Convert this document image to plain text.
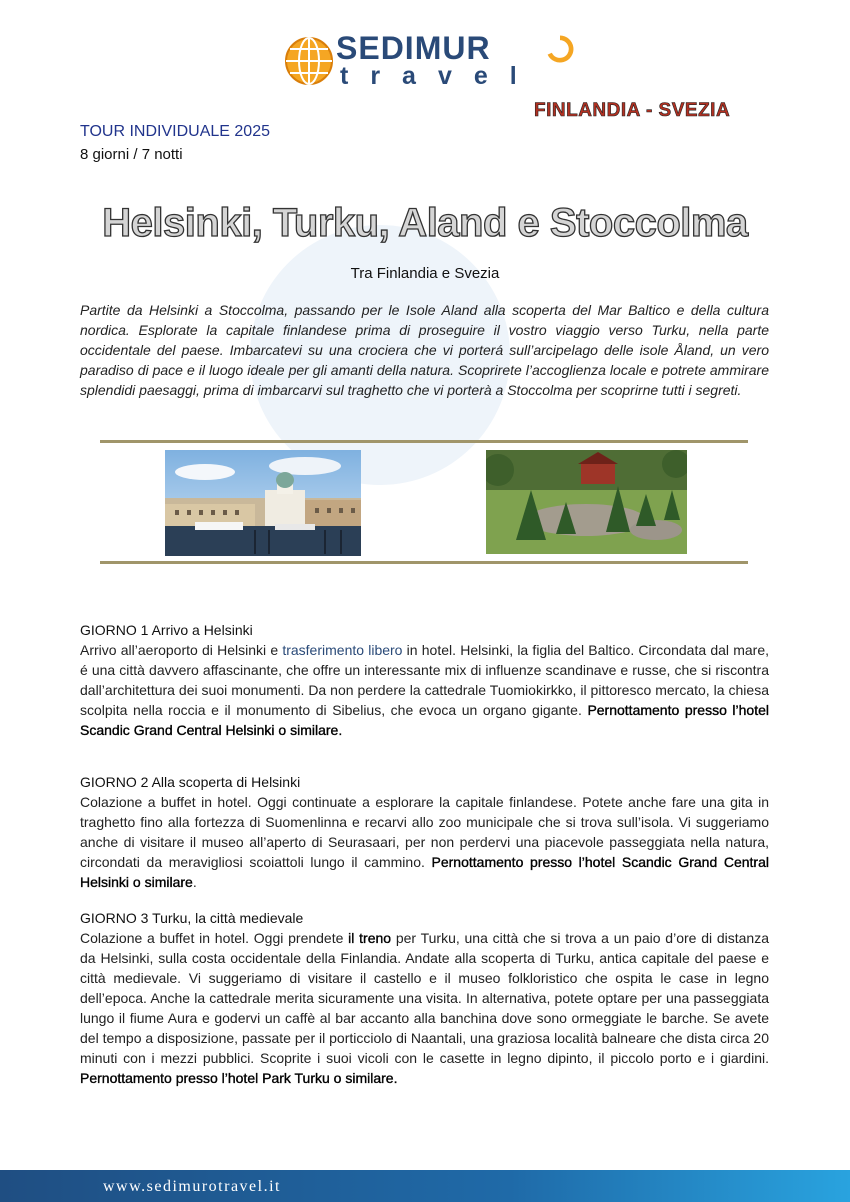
SEDIMUR
travel
FINLANDIA - SVEZIA
TOUR INDIVIDUALE 2025
8 giorni / 7 notti
Helsinki, Turku, Aland e Stoccolma
Tra Finlandia e Svezia

Partite da Helsinki a Stoccolma, passando per le Isole Aland alla scoperta del Mar Baltico e della cultura nordica. Esplorate la capitale finlandese prima di proseguire il vostro viaggio verso Turku, nella parte occidentale del paese. Imbarcatevi su una crociera che vi porterá sull’arcipelago delle isole Åland, un vero paradiso di pace e il luogo ideale per gli amanti della natura. Scoprirete l’accoglienza locale e potrete ammirare splendidi paesaggi, prima di imbarcarvi sul traghetto che vi porterà a Stoccolma per scoprirne tutti i segreti.

GIORNO 1 Arrivo a Helsinki

Arrivo all’aeroporto di Helsinki e trasferimento libero in hotel. Helsinki, la figlia del Baltico. Circondata dal mare, é una città davvero affascinante, che offre un interessante mix di influenze scandinave e russe, che si riscontra dall’architettura dei suoi monumenti. Da non perdere la cattedrale Tuomiokirkko, il pittoresco mercato, la chiesa scolpita nella roccia e il monumento di Sibelius, che evoca un organo gigante. Pernottamento presso l’hotel Scandic Grand Central Helsinki o similare.

GIORNO 2 Alla scoperta di Helsinki

Colazione a buffet in hotel. Oggi continuate a esplorare la capitale finlandese. Potete anche fare una gita in traghetto fino alla fortezza di Suomenlinna e recarvi allo zoo municipale che si trova sull’isola. Vi suggeriamo anche di visitare il museo all’aperto di Seurasaari, per non perdervi una piacevole passeggiata nella natura, circondati da meravigliosi scoiattoli lungo il cammino. Pernottamento presso l’hotel Scandic Grand Central Helsinki o similare.

GIORNO 3 Turku, la città medievale

Colazione a buffet in hotel. Oggi prendete il treno per Turku, una città che si trova a un paio d’ore di distanza da Helsinki, sulla costa occidentale della Finlandia. Andate alla scoperta di Turku, antica capitale del paese e città medievale. Vi suggeriamo di visitare il castello e il museo folkloristico che ospita le case in legno dell’epoca. Anche la cattedrale merita sicuramente una visita. In alternativa, potete optare per una passeggiata lungo il fiume Aura e godervi un caffè al bar accanto alla banchina dove sono ormeggiate le barche. Se avete del tempo a disposizione, passate per il porticciolo di Naantali, una graziosa località balneare che dista circa 20 minuti con i mezzi pubblici. Scoprite i suoi vicoli con le casette in legno dipinto, il piccolo porto e i giardini. Pernottamento presso l’hotel Park Turku o similare.

www.sedimurotravel.it
